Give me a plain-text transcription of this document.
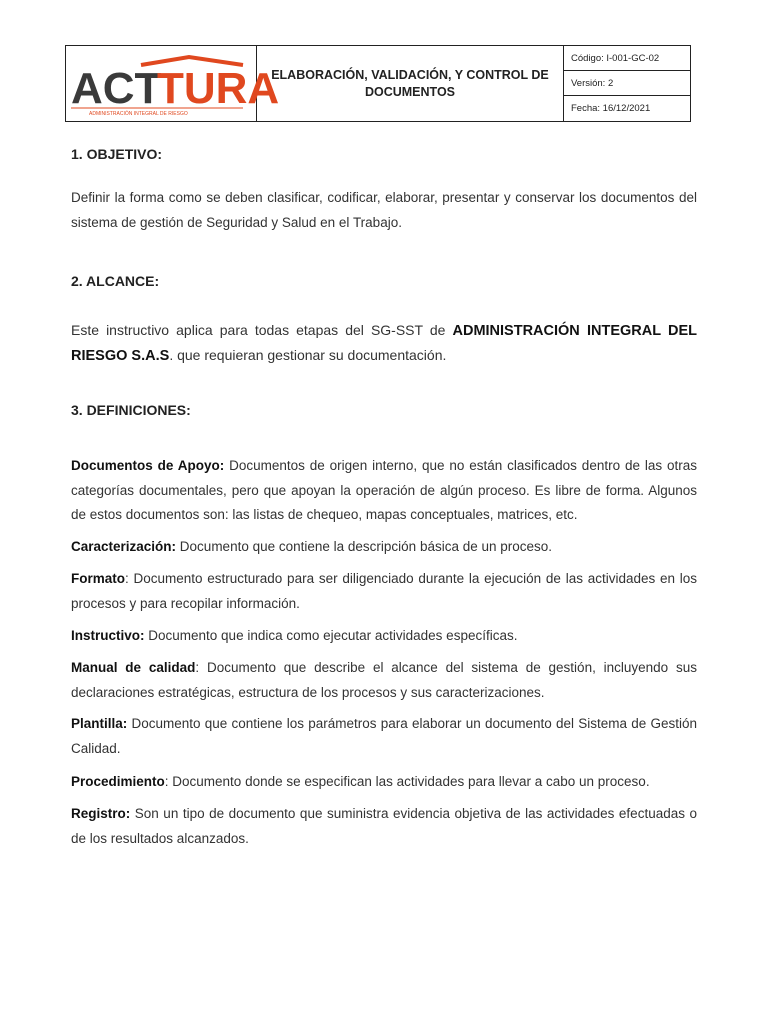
ACT
TURA
ADMINISTRACIÓN INTEGRAL DE RIESGO
ELABORACIÓN, VALIDACIÓN, Y CONTROL DE DOCUMENTOS
Código: I-001-GC-02
Versión: 2
Fecha: 16/12/2021
1. OBJETIVO:
Definir la forma como se deben clasificar, codificar, elaborar, presentar y conservar los documentos del sistema de gestión de Seguridad y Salud en el Trabajo.
2. ALCANCE:
Este instructivo aplica para todas etapas del SG-SST de ADMINISTRACIÓN INTEGRAL DEL RIESGO S.A.S. que requieran gestionar su documentación.
3. DEFINICIONES:
Documentos de Apoyo: Documentos de origen interno, que no están clasificados dentro de las otras categorías documentales, pero que apoyan la operación de algún proceso. Es libre de forma. Algunos de estos documentos son: las listas de chequeo, mapas conceptuales, matrices, etc.
Caracterización: Documento que contiene la descripción básica de un proceso.
Formato: Documento estructurado para ser diligenciado durante la ejecución de las actividades en los procesos y para recopilar información.
Instructivo: Documento que indica como ejecutar actividades específicas.
Manual de calidad: Documento que describe el alcance del sistema de gestión, incluyendo sus declaraciones estratégicas, estructura de los procesos y sus caracterizaciones.
Plantilla: Documento que contiene los parámetros para elaborar un documento del Sistema de Gestión Calidad.
Procedimiento: Documento donde se especifican las actividades para llevar a cabo un proceso.
Registro: Son un tipo de documento que suministra evidencia objetiva de las actividades efectuadas o de los resultados alcanzados.
